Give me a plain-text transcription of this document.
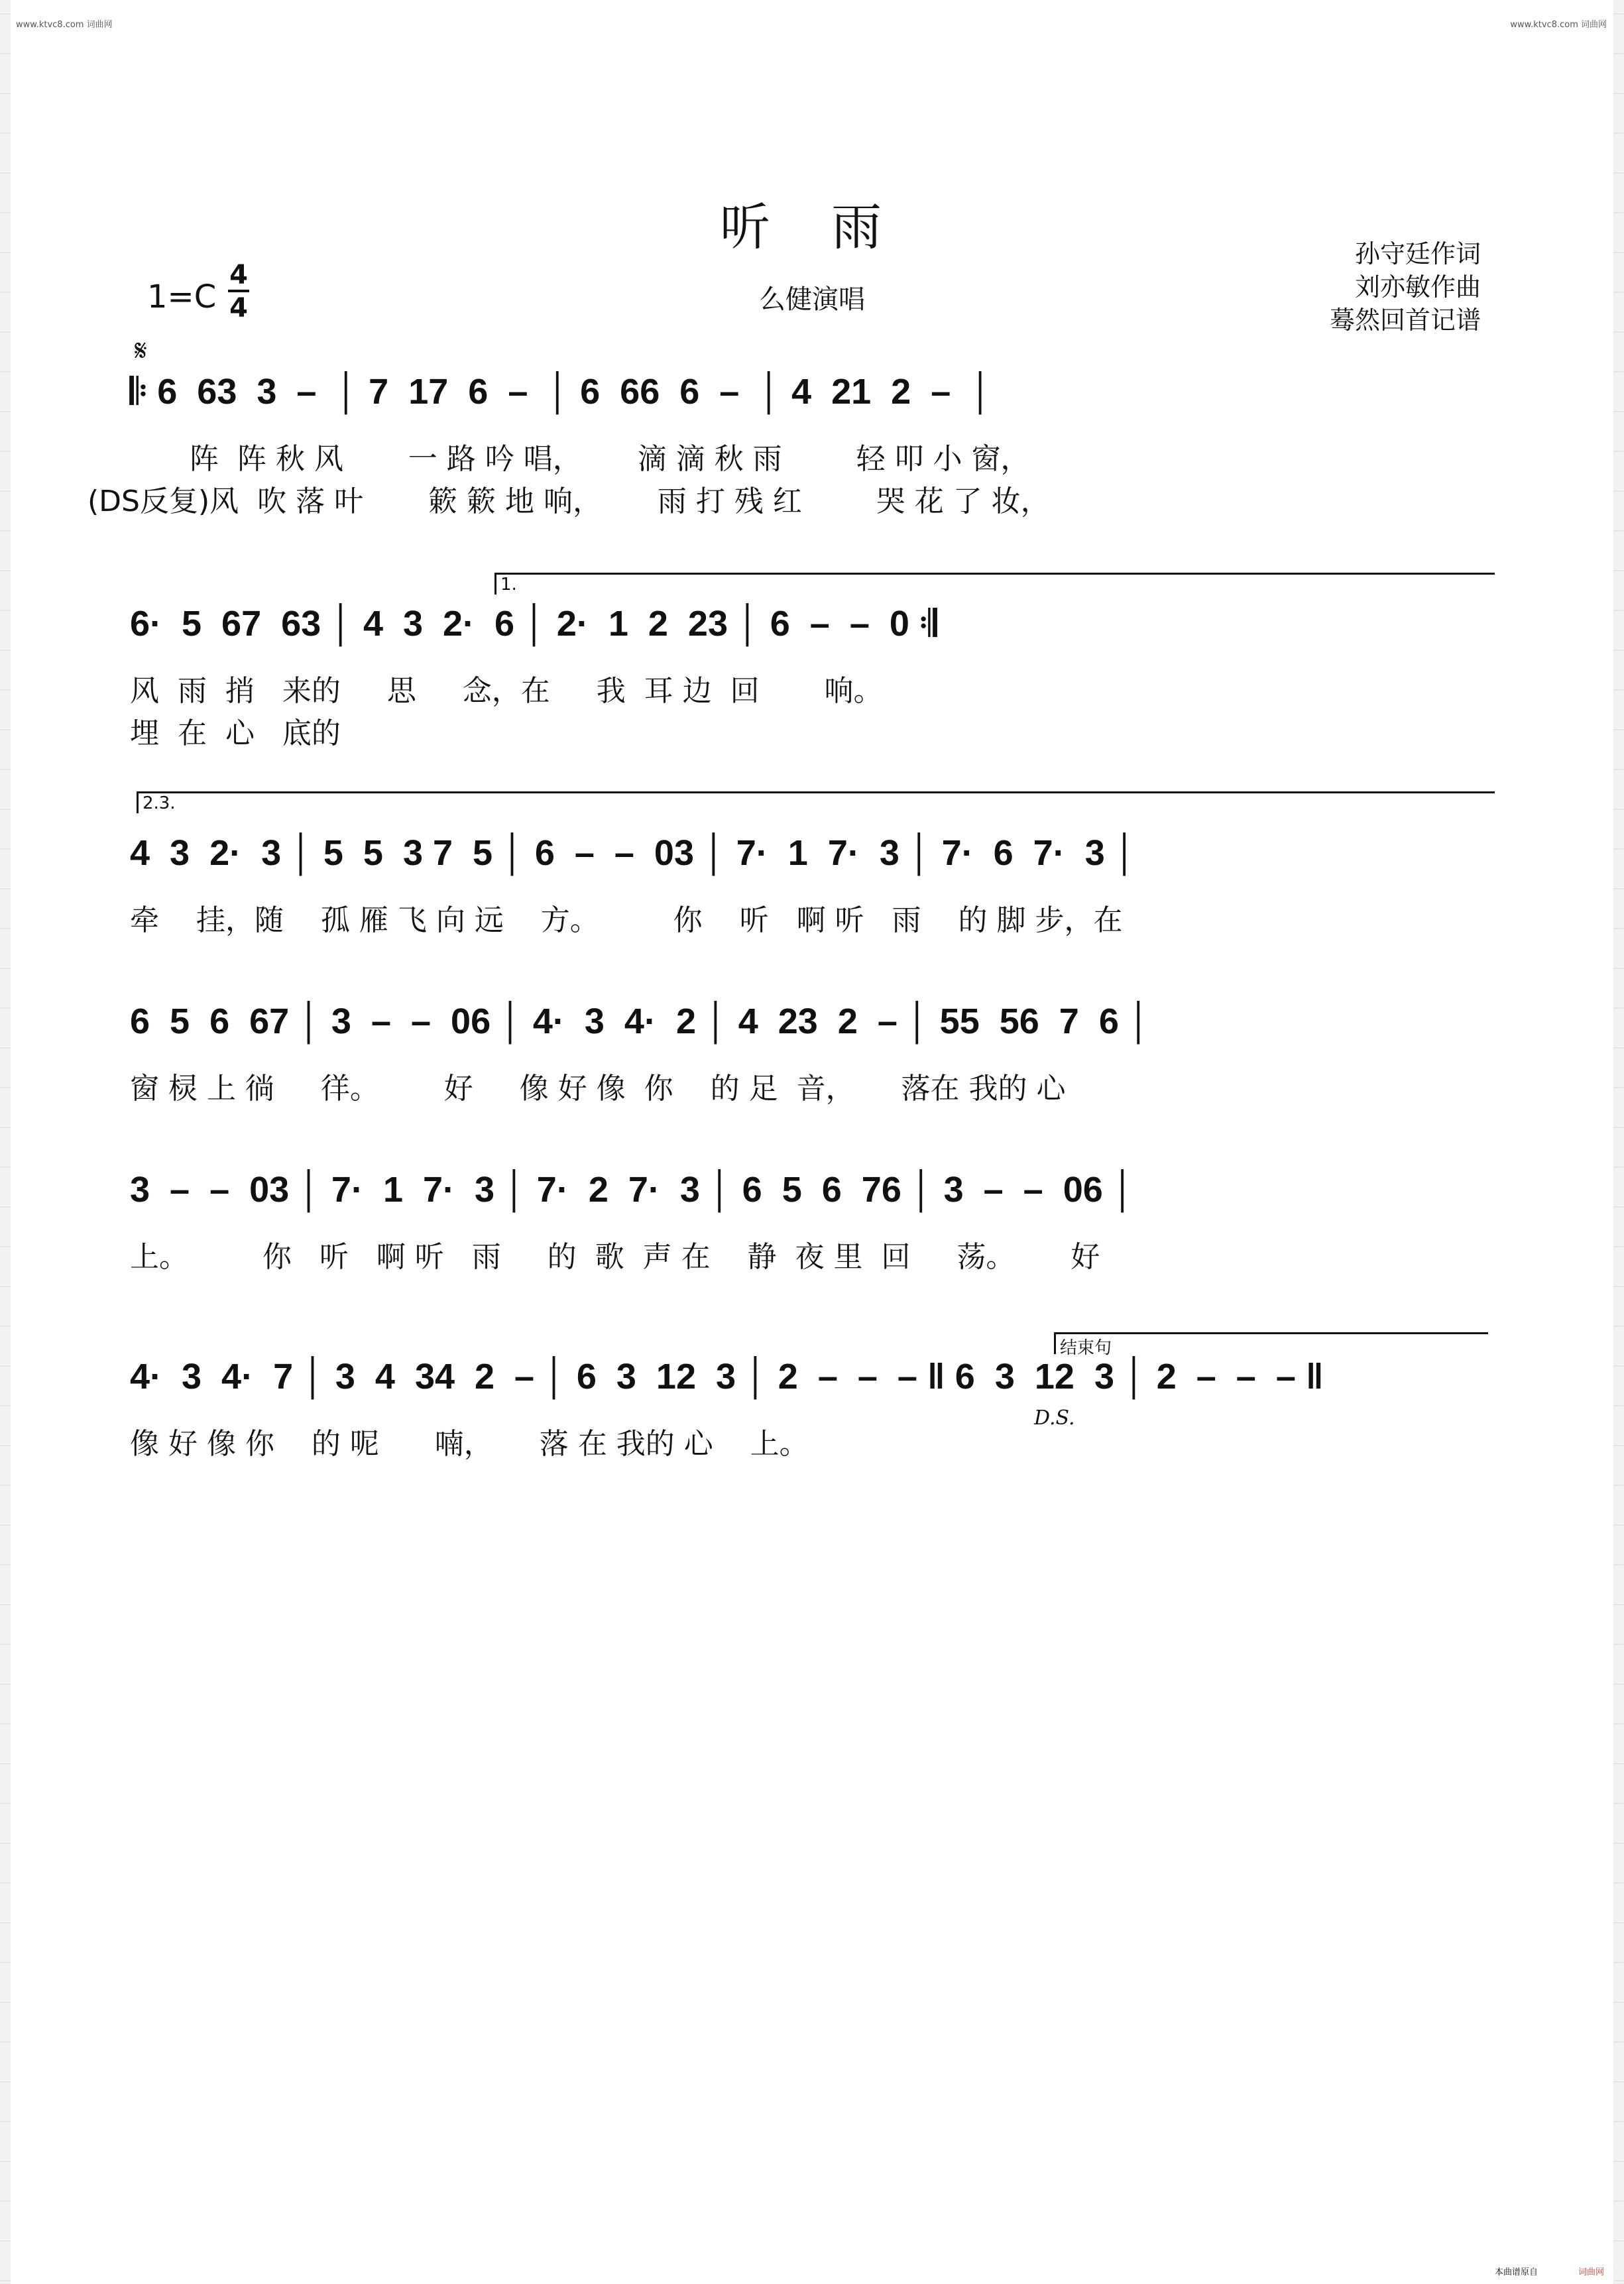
www.ktvc8.com 词曲网	www.ktvc8.com 词曲网
听 雨
么健演唱
孙守廷作词
刘亦敏作曲
蓦然回首记谱
$1=C \frac{4}{4}$
𝄋
𝄆 6  63  3  –  │ 7  17  6  –  │ 6  66  6  –  │ 4  21  2  –  │
阵  阵 秋 风       一 路 吟 唱，      滴 滴 秋 雨        轻 叩 小 窗，
(DS反复)风  吹 落 叶       簌 簌 地 响，      雨 打 残 红        哭 花 了 妆，
1.
6·  5  67  63 │ 4  3  2·  6 │ 2·  1  2  23 │ 6  –  –  0 𝄇
风  雨  捎   来的     思     念，在     我  耳 边  回       响。
埋  在  心   底的
2.3.
4  3  2·  3 │ 5  5  3 7  5 │ 6  –  –  03 │ 7·  1  7·  3 │ 7·  6  7·  3 │
牵    挂，随    孤 雁 飞 向 远    方。        你    听   啊 听   雨    的 脚 步，在
6  5  6  67 │ 3  –  –  06 │ 4·  3  4·  2 │ 4  23  2  – │ 55  56  7  6 │
窗 棂 上 徜     徉。       好     像 好 像  你    的 足  音，     落在 我的 心
3  –  –  03 │ 7·  1  7·  3 │ 7·  2  7·  3 │ 6  5  6  76 │ 3  –  –  06 │
上。        你   听   啊 听   雨     的  歌  声 在    静  夜 里  回     荡。      好
结束句
4·  3  4·  7 │ 3  4  34  2  – │ 6  3  12  3 │ 2  –  –  – ‖ 6  3  12  3 │ 2  –  –  – ‖
像 好 像 你    的 呢      喃，     落 在 我的 心    上。
D.S.
本曲谱原自	词曲网
